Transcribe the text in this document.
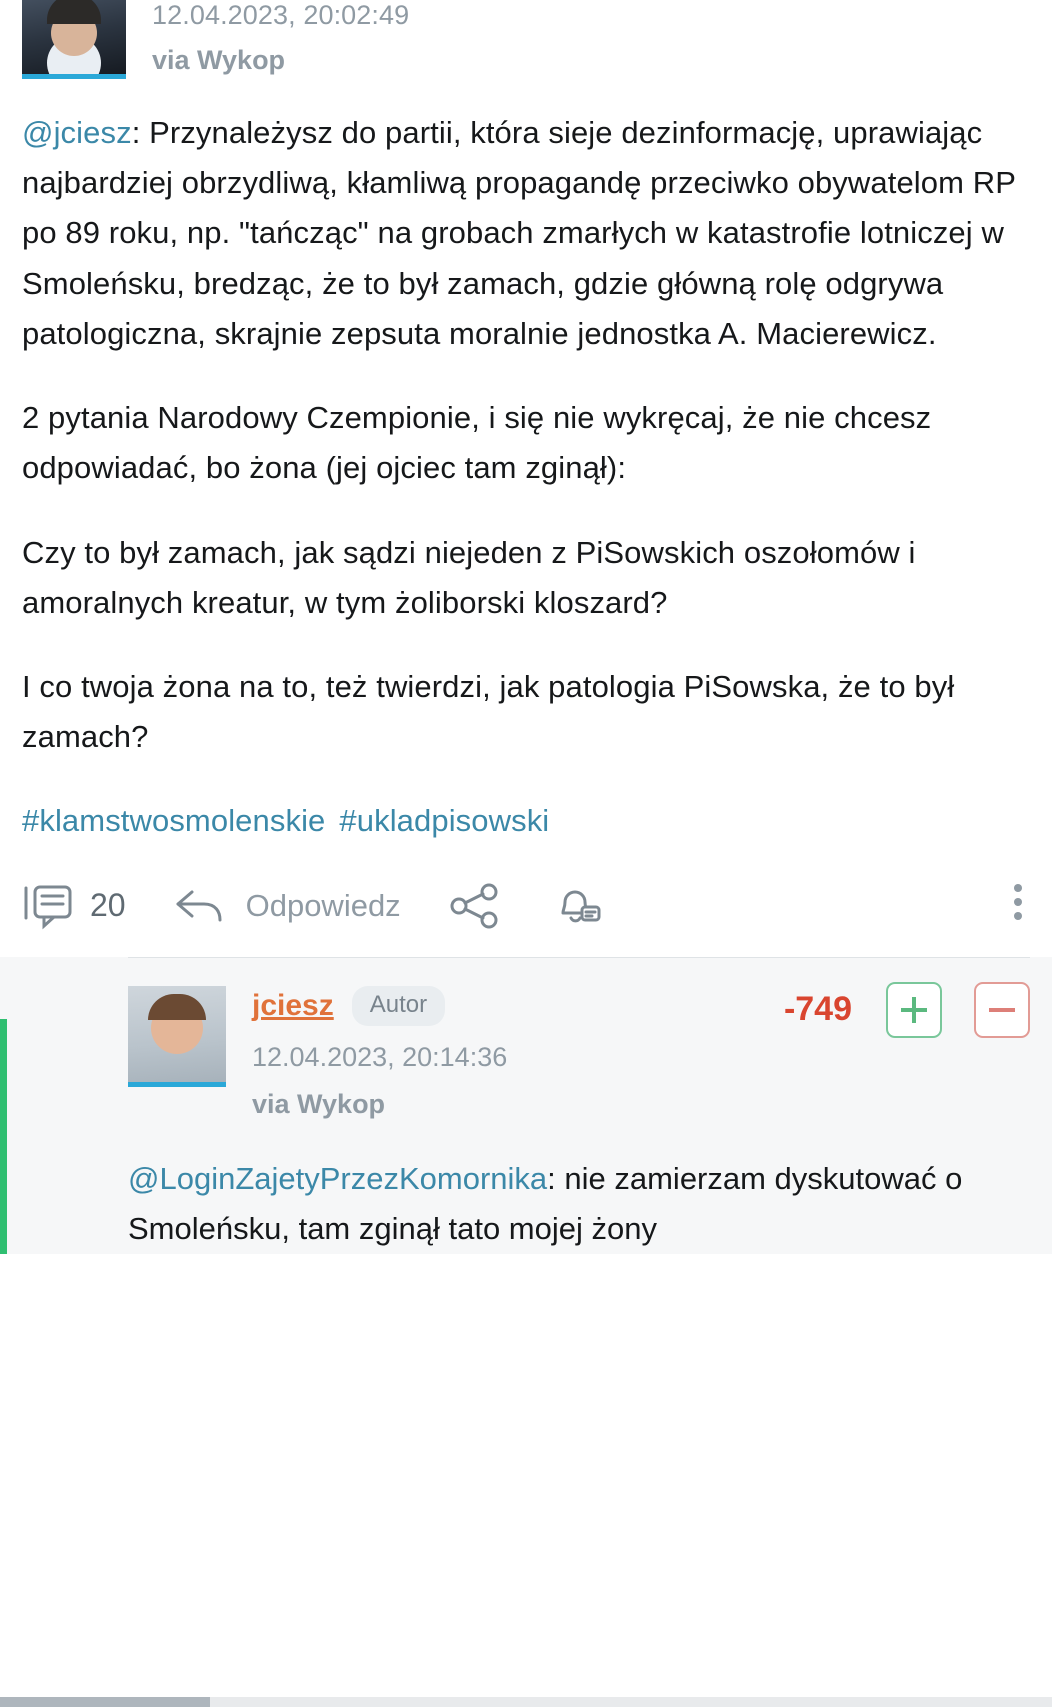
12.04.2023, 20:02:49
via Wykop

@jciesz: Przynależysz do partii, która sieje dezinformację, uprawiając najbardziej obrzydliwą, kłamliwą propagandę przeciwko obywatelom RP po 89 roku, np. "tańcząc" na grobach zmarłych w katastrofie lotniczej w Smoleńsku, bredząc, że to był zamach, gdzie główną rolę odgrywa patologiczna, skrajnie zepsuta moralnie jednostka A. Macierewicz.

2 pytania Narodowy Czempionie, i się nie wykręcaj, że nie chcesz odpowiadać, bo żona (jej ojciec tam zginął):

Czy to był zamach, jak sądzi niejeden z PiSowskich oszołomów i amoralnych kreatur, w tym żoliborski kloszard?

I co twoja żona na to, też twierdzi, jak patologia PiSowska, że to był zamach?

#klamstwosmolenskie #ukladpisowski

20	Odpowiedz
jciesz	Autor
12.04.2023, 20:14:36
via Wykop
-749
@LoginZajetyPrzezKomornika: nie zamierzam dyskutować o Smoleńsku, tam zginął tato mojej żony
